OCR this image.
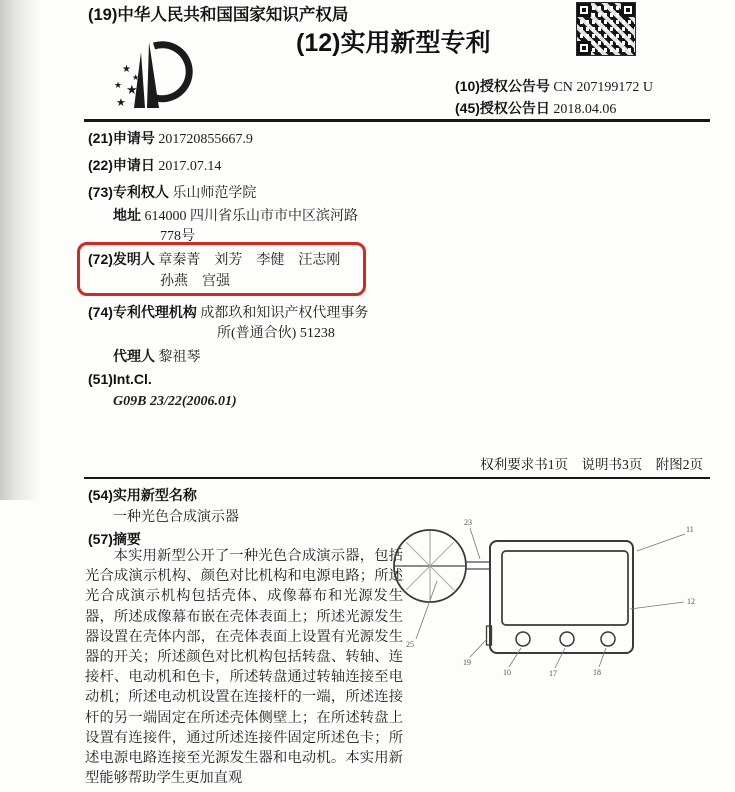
(19)中华人民共和国国家知识产权局
★
★
★ ★
★
(12)实用新型专利
(10)授权公告号 CN 207199172 U
(45)授权公告日 2018.04.06
(21)申请号 201720855667.9
(22)申请日 2017.07.14
(73)专利权人 乐山师范学院
地址 614000 四川省乐山市市中区滨河路
778号
(72)发明人 章秦菁　刘芳　李健　汪志刚
孙燕　宫强
(74)专利代理机构 成都玖和知识产权代理事务
所(普通合伙) 51238
代理人 黎祖琴
(51)Int.Cl.
G09B 23/22(2006.01)
权利要求书1页　说明书3页　附图2页
(54)实用新型名称
一种光色合成演示器
(57)摘要
本实用新型公开了一种光色合成演示器，包括光合成演示机构、颜色对比机构和电源电路；所述光合成演示机构包括壳体、成像幕布和光源发生器，所述成像幕布嵌在壳体表面上；所述光源发生器设置在壳体内部，在壳体表面上设置有光源发生器的开关；所述颜色对比机构包括转盘、转轴、连接杆、电动机和色卡，所述转盘通过转轴连接至电动机；所述电动机设置在连接杆的一端，所述连接杆的另一端固定在所述壳体侧壁上；在所述转盘上设置有连接件，通过所述连接件固定所述色卡；所述电源电路连接至光源发生器和电动机。本实用新型能够帮助学生更加直观
23
11
12
25
19
10	17	18
